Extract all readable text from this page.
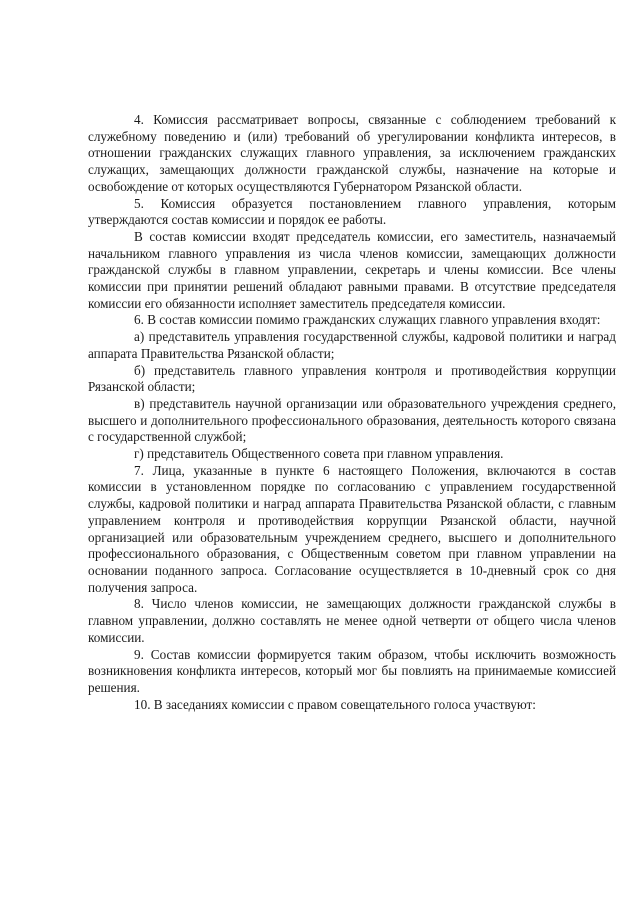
4. Комиссия рассматривает вопросы, связанные с соблюдением требований к служебному поведению и (или) требований об урегулировании конфликта интересов, в отношении гражданских служащих главного управления, за исключением гражданских служащих, замещающих должности гражданской службы, назначение на которые и освобождение от которых осуществляются Губернатором Рязанской области.

5. Комиссия образуется постановлением главного управления, которым утверждаются состав комиссии и порядок ее работы.

В состав комиссии входят председатель комиссии, его заместитель, назначаемый начальником главного управления из числа членов комиссии, замещающих должности гражданской службы в главном управлении, секретарь и члены комиссии. Все члены комиссии при принятии решений обладают равными правами. В отсутствие председателя комиссии его обязанности исполняет заместитель председателя комиссии.

6. В состав комиссии помимо гражданских служащих главного управления входят:

а) представитель управления государственной службы, кадровой политики и наград аппарата Правительства Рязанской области;

б) представитель главного управления контроля и противодействия коррупции Рязанской области;

в) представитель научной организации или образовательного учреждения среднего, высшего и дополнительного профессионального образования, деятельность которого связана с государственной службой;

г) представитель Общественного совета при главном управления.

7. Лица, указанные в пункте 6 настоящего Положения, включаются в состав комиссии в установленном порядке по согласованию с управлением государственной службы, кадровой политики и наград аппарата Правительства Рязанской области, с главным управлением контроля и противодействия коррупции Рязанской области, научной организацией или образовательным учреждением среднего, высшего и дополнительного профессионального образования, с Общественным советом при главном управлении на основании поданного запроса. Согласование осуществляется в 10-дневный срок со дня получения запроса.

8. Число членов комиссии, не замещающих должности гражданской службы в главном управлении, должно составлять не менее одной четверти от общего числа членов комиссии.

9. Состав комиссии формируется таким образом, чтобы исключить возможность возникновения конфликта интересов, который мог бы повлиять на принимаемые комиссией решения.

10. В заседаниях комиссии с правом совещательного голоса участвуют:
